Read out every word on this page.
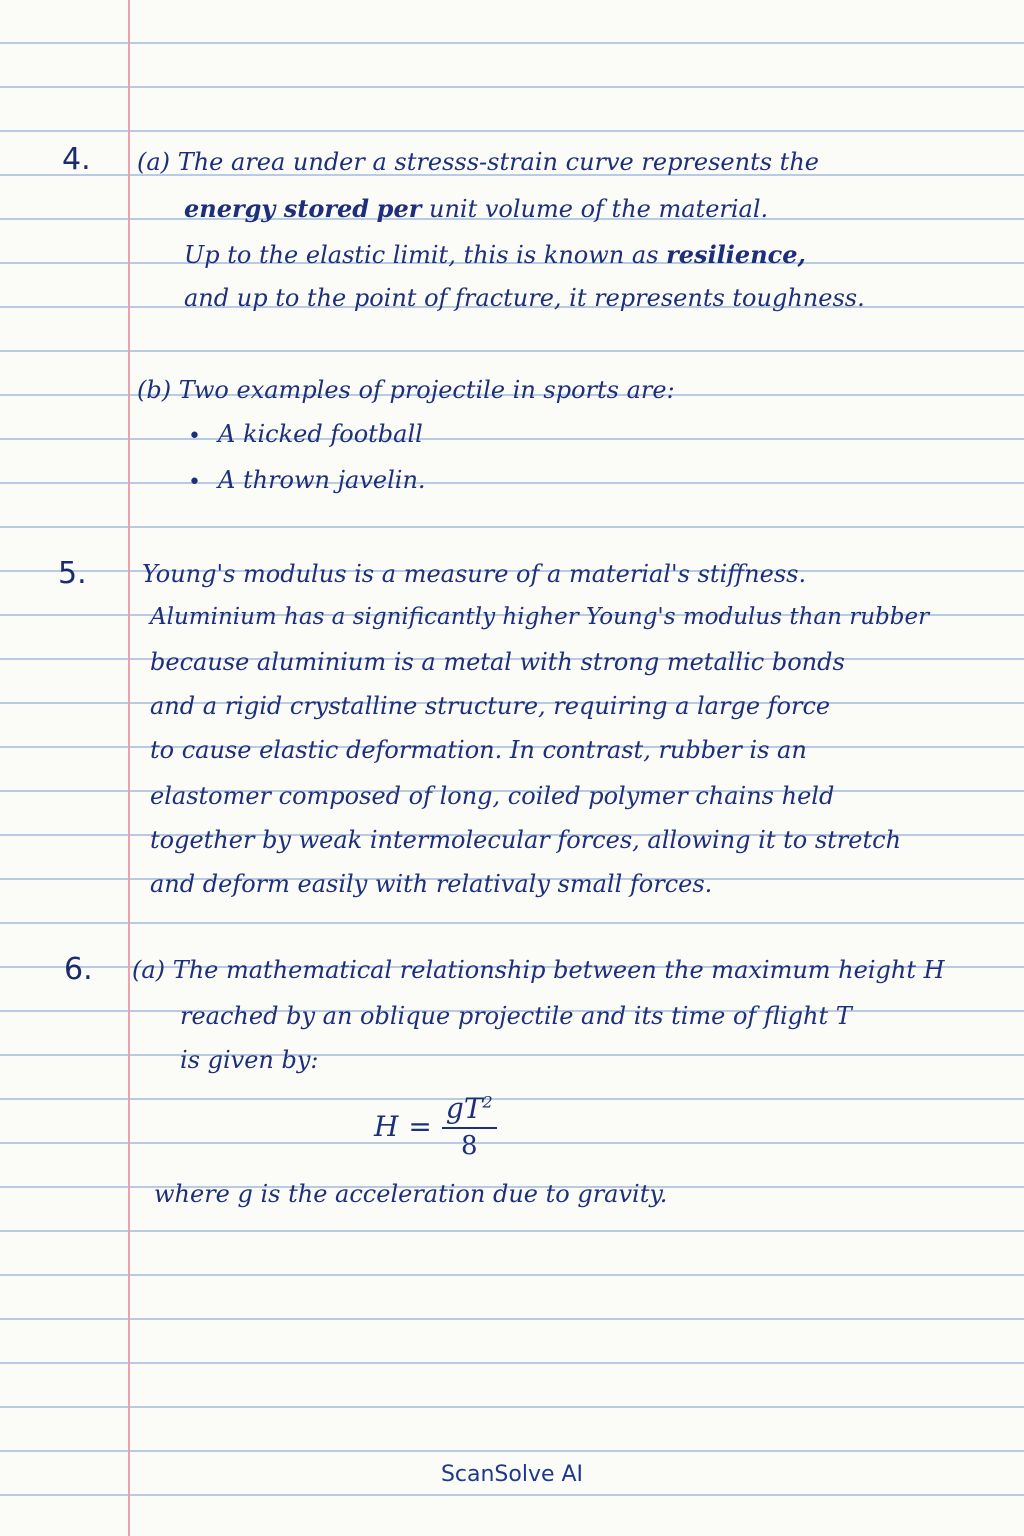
4. (a) The area under a stresss-strain curve represents the

energy stored per unit volume of the material.

Up to the elastic limit, this is known as resilience,

and up to the point of fracture, it represents toughness.

(b) Two examples of projectile in sports are:

• A kicked football

• A thrown javelin.

5. Young's modulus is a measure of a material's stiffness.

Aluminium has a significantly higher Young's modulus than rubber

because aluminium is a metal with strong metallic bonds

and a rigid crystalline structure, requiring a large force

to cause elastic deformation. In contrast, rubber is an

elastomer composed of long, coiled polymer chains held

together by weak intermolecular forces, allowing it to stretch

and deform easily with relativaly small forces.

6. (a) The mathematical relationship between the maximum height H

reached by an oblique projectile and its time of flight T

is given by:

$H = \frac{gT^2}{8}$

where g is the acceleration due to gravity.

ScanSolve AI
